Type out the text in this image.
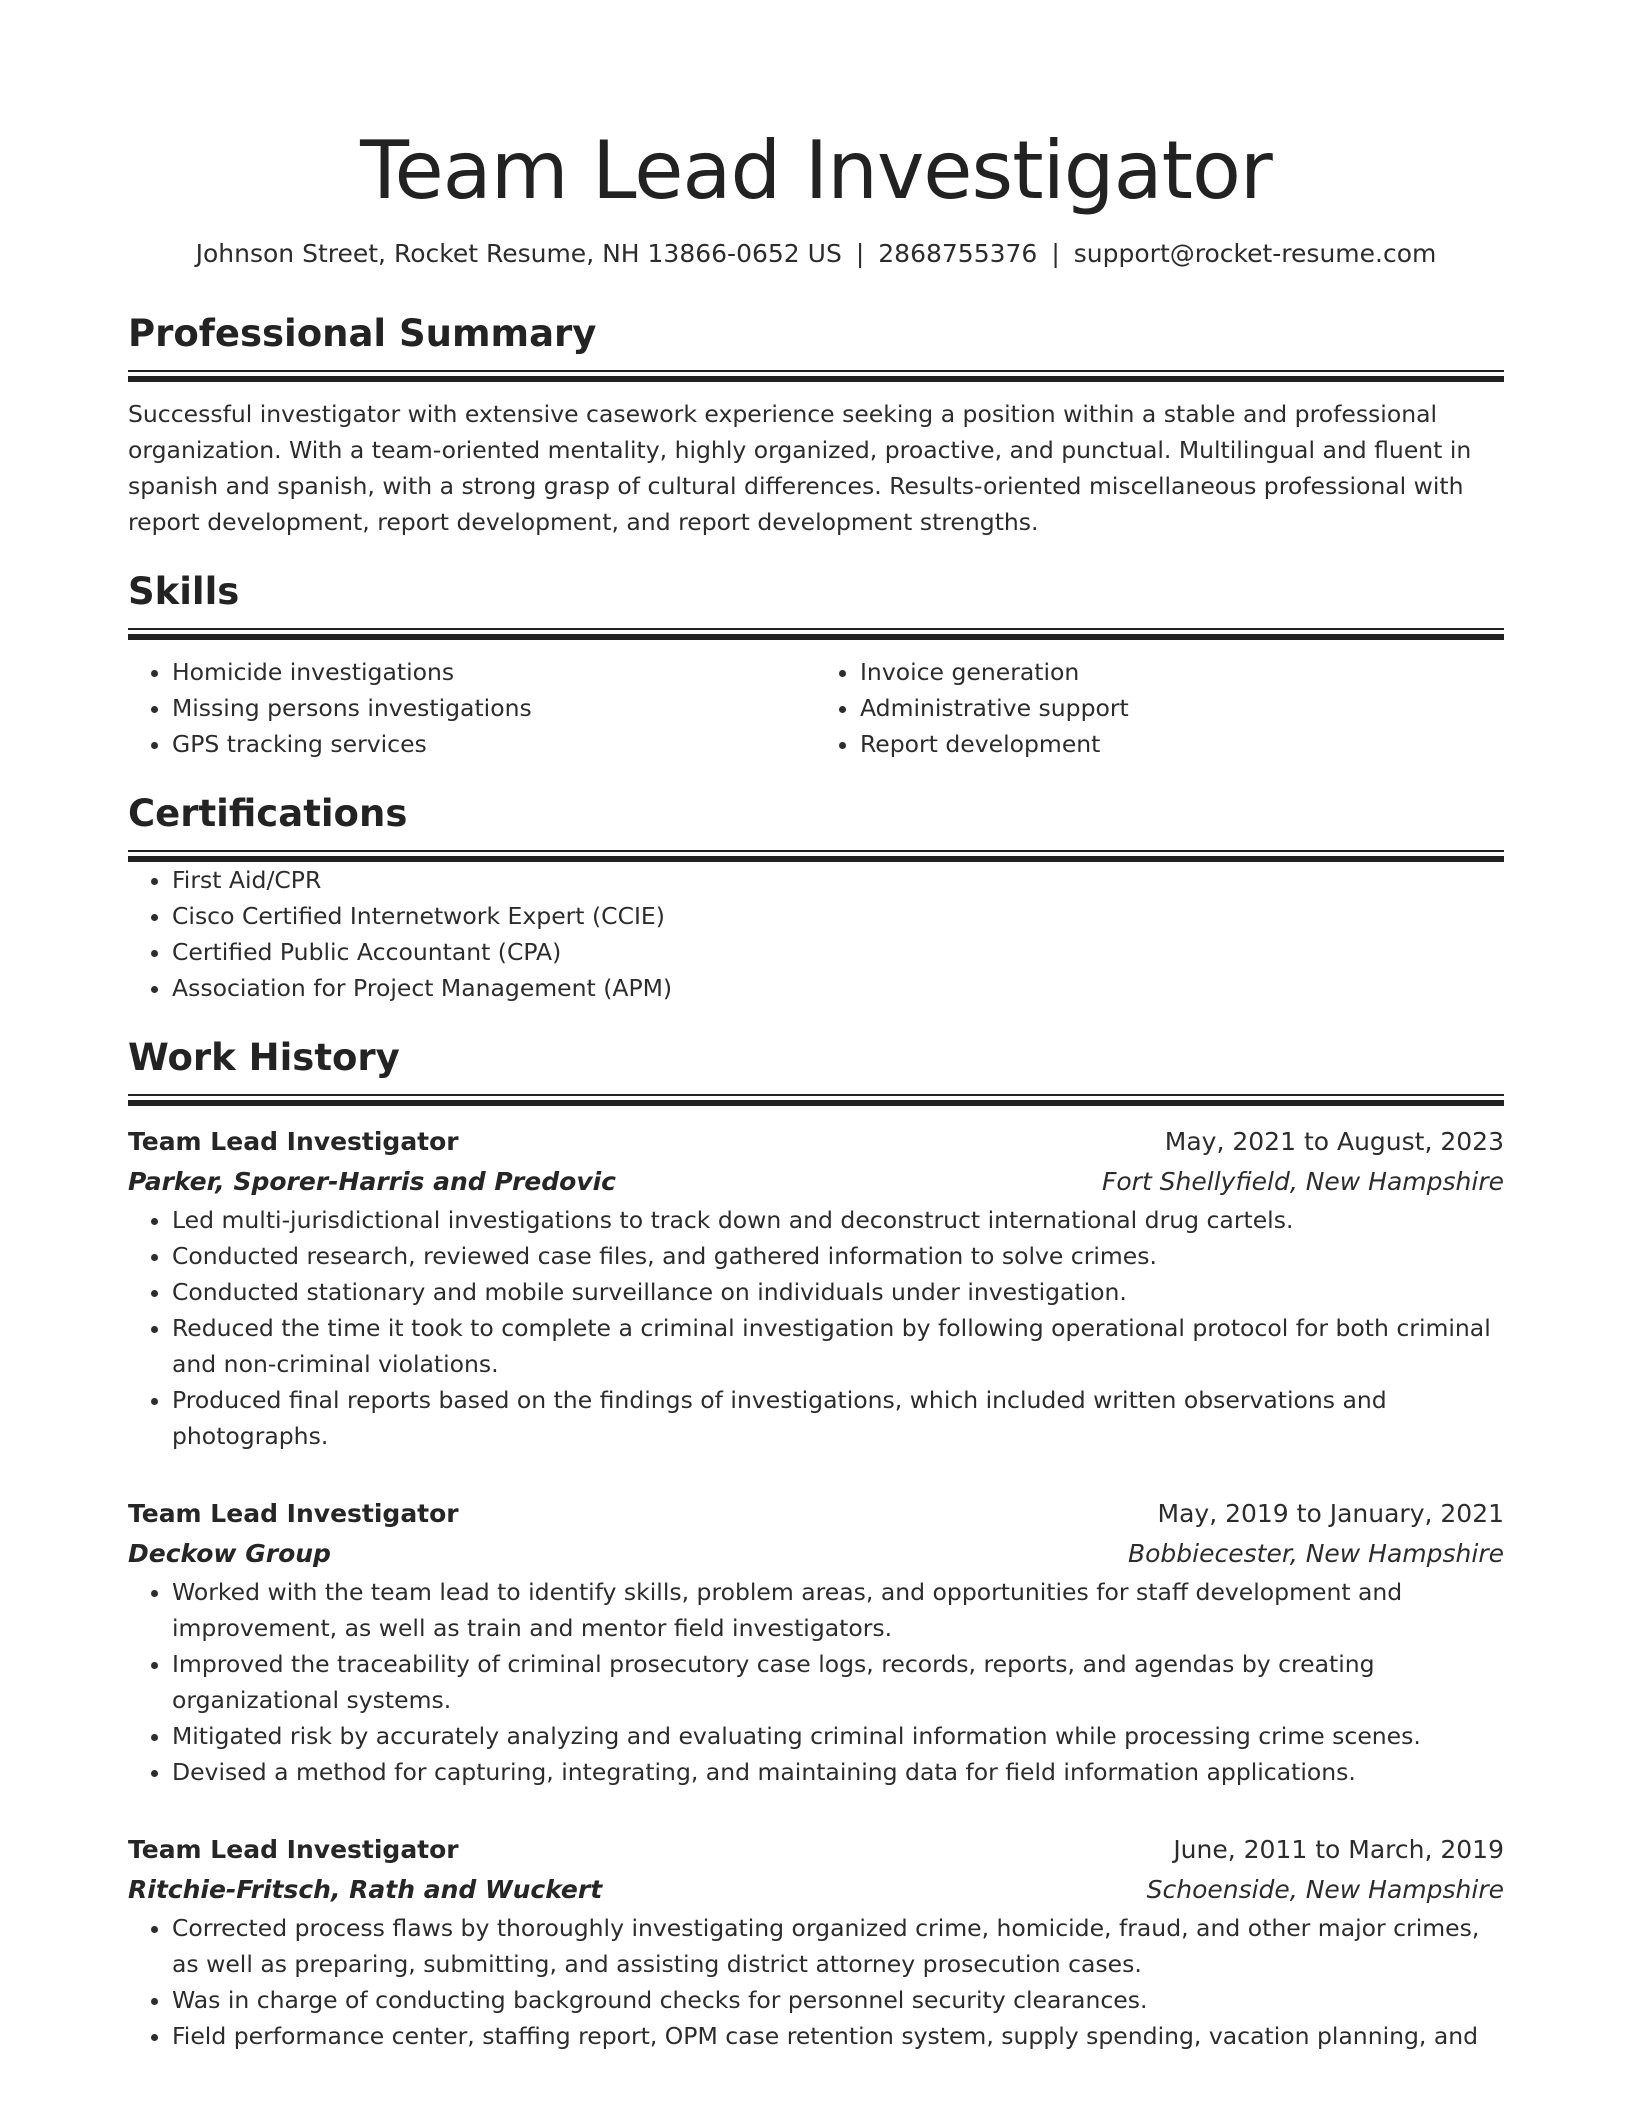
Team Lead Investigator
Johnson Street, Rocket Resume, NH 13866-0652 US | 2868755376 | support@rocket-resume.com
Professional Summary
Successful investigator with extensive casework experience seeking a position within a stable and professional organization. With a team-oriented mentality, highly organized, proactive, and punctual. Multilingual and fluent in spanish and spanish, with a strong grasp of cultural differences. Results-oriented miscellaneous professional with report development, report development, and report development strengths.
Skills
• Homicide investigations
• Missing persons investigations
• GPS tracking services
• Invoice generation
• Administrative support
• Report development
Certifications
• First Aid/CPR
• Cisco Certified Internetwork Expert (CCIE)
• Certified Public Accountant (CPA)
• Association for Project Management (APM)
Work History
Team Lead Investigator	May, 2021 to August, 2023
Parker, Sporer-Harris and Predovic	Fort Shellyfield, New Hampshire
• Led multi-jurisdictional investigations to track down and deconstruct international drug cartels.
• Conducted research, reviewed case files, and gathered information to solve crimes.
• Conducted stationary and mobile surveillance on individuals under investigation.
• Reduced the time it took to complete a criminal investigation by following operational protocol for both criminal and non-criminal violations.
• Produced final reports based on the findings of investigations, which included written observations and photographs.
Team Lead Investigator	May, 2019 to January, 2021
Deckow Group	Bobbiecester, New Hampshire
• Worked with the team lead to identify skills, problem areas, and opportunities for staff development and improvement, as well as train and mentor field investigators.
• Improved the traceability of criminal prosecutory case logs, records, reports, and agendas by creating organizational systems.
• Mitigated risk by accurately analyzing and evaluating criminal information while processing crime scenes.
• Devised a method for capturing, integrating, and maintaining data for field information applications.
Team Lead Investigator	June, 2011 to March, 2019
Ritchie-Fritsch, Rath and Wuckert	Schoenside, New Hampshire
• Corrected process flaws by thoroughly investigating organized crime, homicide, fraud, and other major crimes, as well as preparing, submitting, and assisting district attorney prosecution cases.
• Was in charge of conducting background checks for personnel security clearances.
• Field performance center, staffing report, OPM case retention system, supply spending, vacation planning, and
